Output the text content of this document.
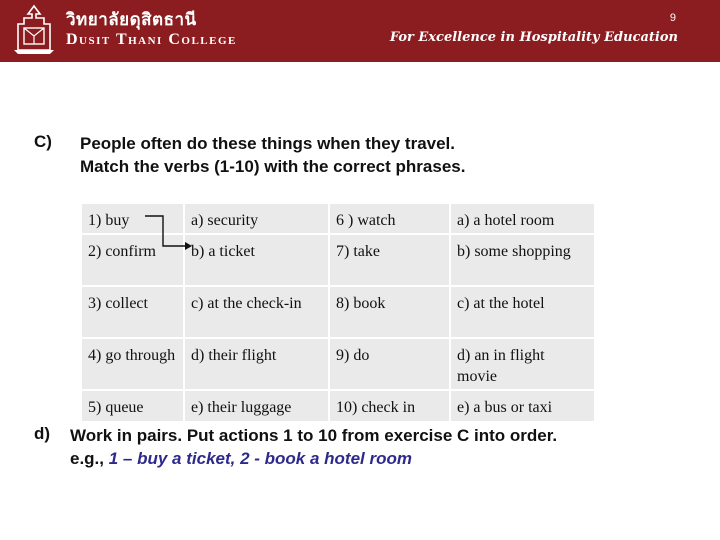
วิทยาลัยดุสิตธานี
Dusit Thani College
9
For Excellence in Hospitality Education
C) People often do these things when they travel.
Match the verbs (1-10) with the correct phrases.
1) buy	a) security	6 ) watch	a) a hotel room
2) confirm	b) a ticket	7) take	b) some shopping
3) collect	c) at the check-in	8) book	c) at the hotel
4) go through	d) their flight	9) do	d) an in flight movie
5) queue	e) their luggage	10) check in	e) a bus or taxi
d) Work in pairs. Put actions 1 to 10 from exercise C into order.
e.g., 1 – buy a ticket, 2 - book a hotel room
